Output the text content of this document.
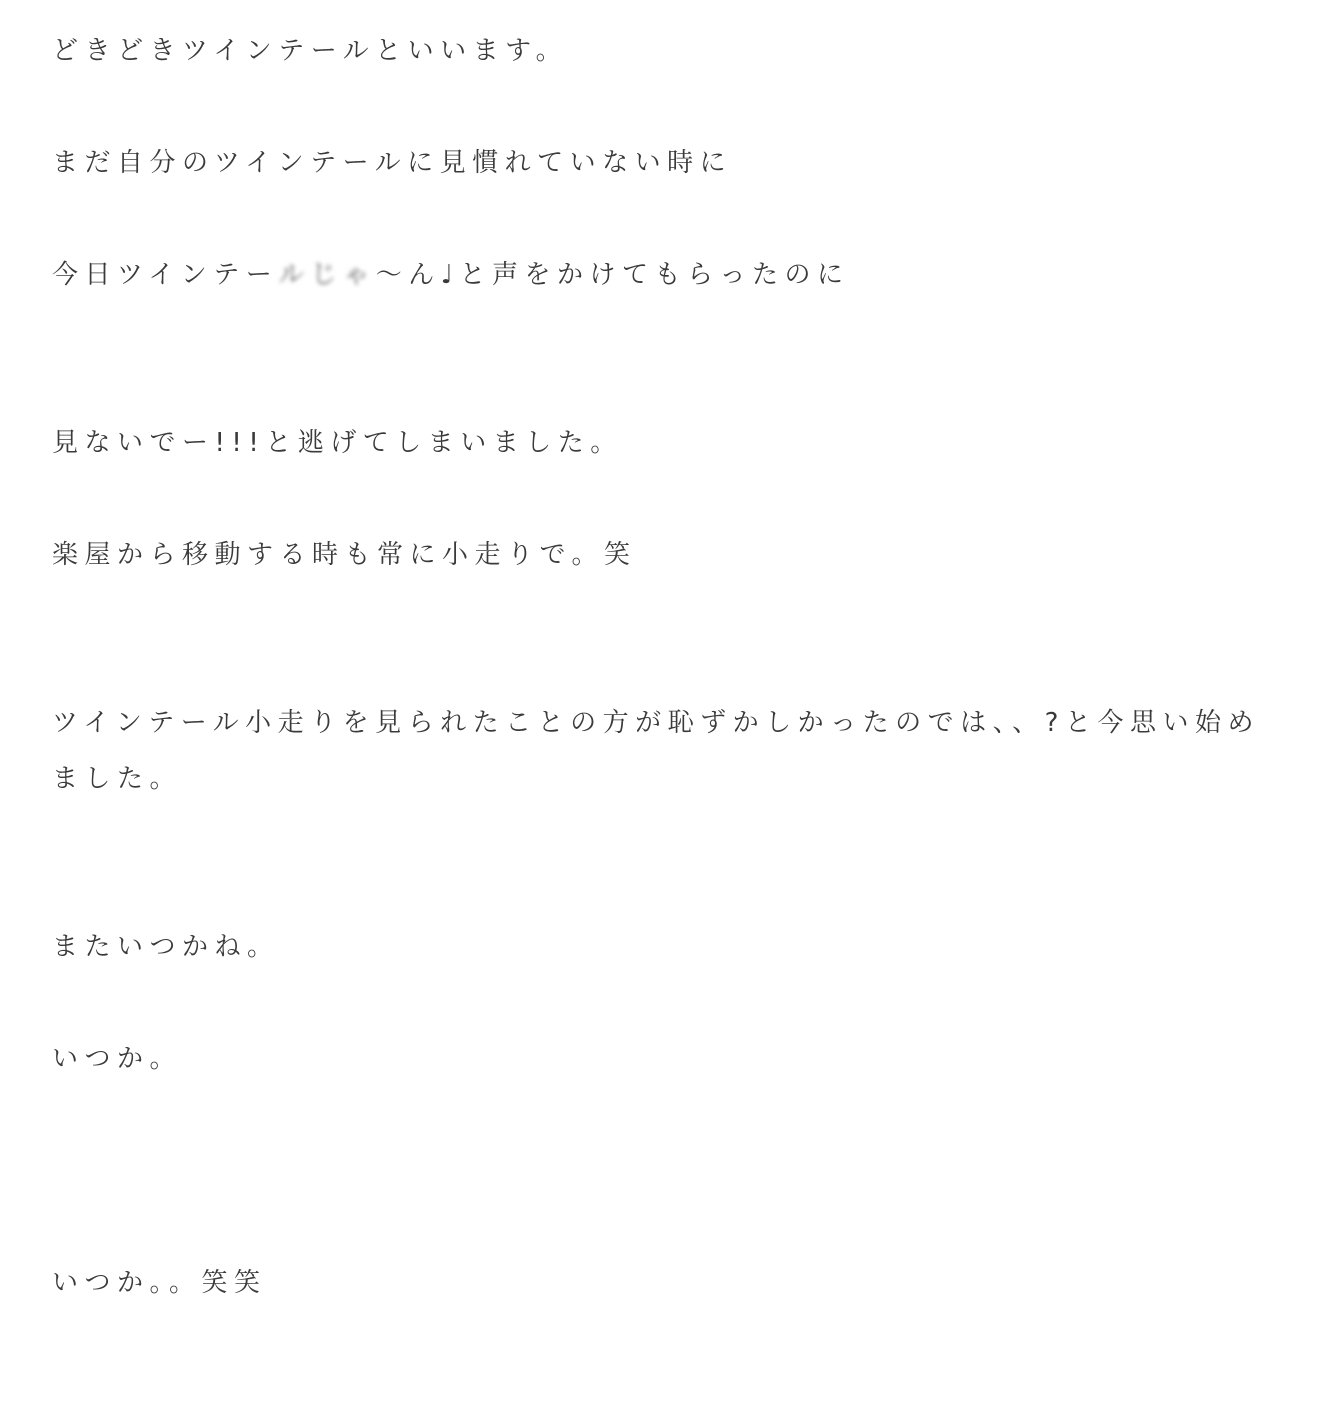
どきどきツインテールといいます。

まだ自分のツインテールに見慣れていない時に

今日ツインテールじゃ〜ん♩と声をかけてもらったのに

見ないでー!!!と逃げてしまいました。

楽屋から移動する時も常に小走りで。笑

ツインテール小走りを見られたことの方が恥ずかしかったのでは、、?と今思い始めました。

またいつかね。

いつか。

いつか。。笑笑
